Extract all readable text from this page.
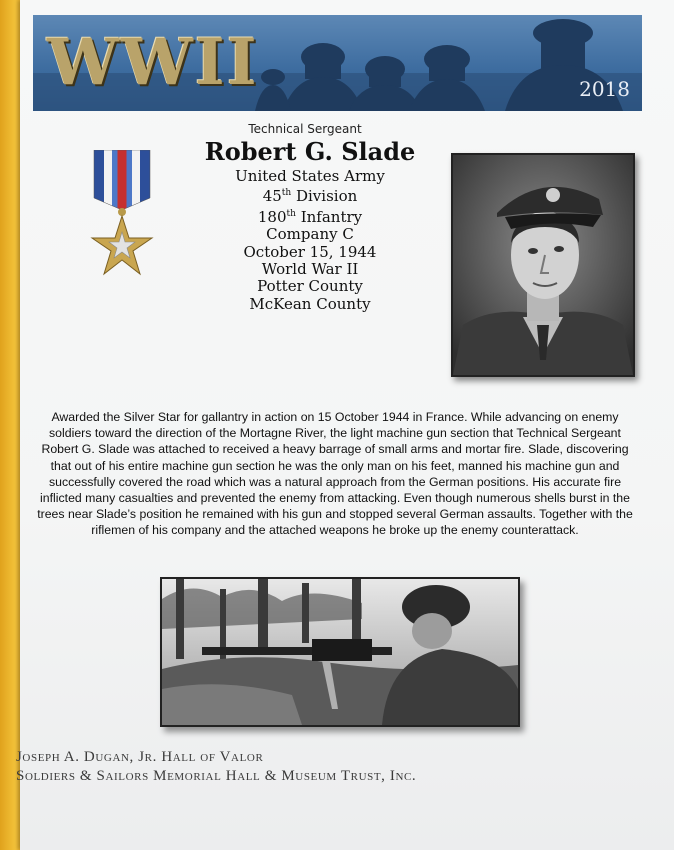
WWII	2018
Technical Sergeant
Robert G. Slade
United States Army
45th Division
180th Infantry
Company C
October 15, 1944
World War II
Potter County
McKean County
Awarded the Silver Star for gallantry in action on 15 October 1944 in France. While advancing on enemy soldiers toward the direction of the Mortagne River, the light machine gun section that Technical Sergeant Robert G. Slade was attached to received a heavy barrage of small arms and mortar fire. Slade, discovering that out of his entire machine gun section he was the only man on his feet, manned his machine gun and successfully covered the road which was a natural approach from the German positions. His accurate fire inflicted many casualties and prevented the enemy from attacking. Even though numerous shells burst in the trees near Slade’s position he remained with his gun and stopped several German assaults. Together with the riflemen of his company and the attached weapons he broke up the enemy counterattack.
Joseph A. Dugan, Jr. Hall of Valor
Soldiers & Sailors Memorial Hall & Museum Trust, Inc.
